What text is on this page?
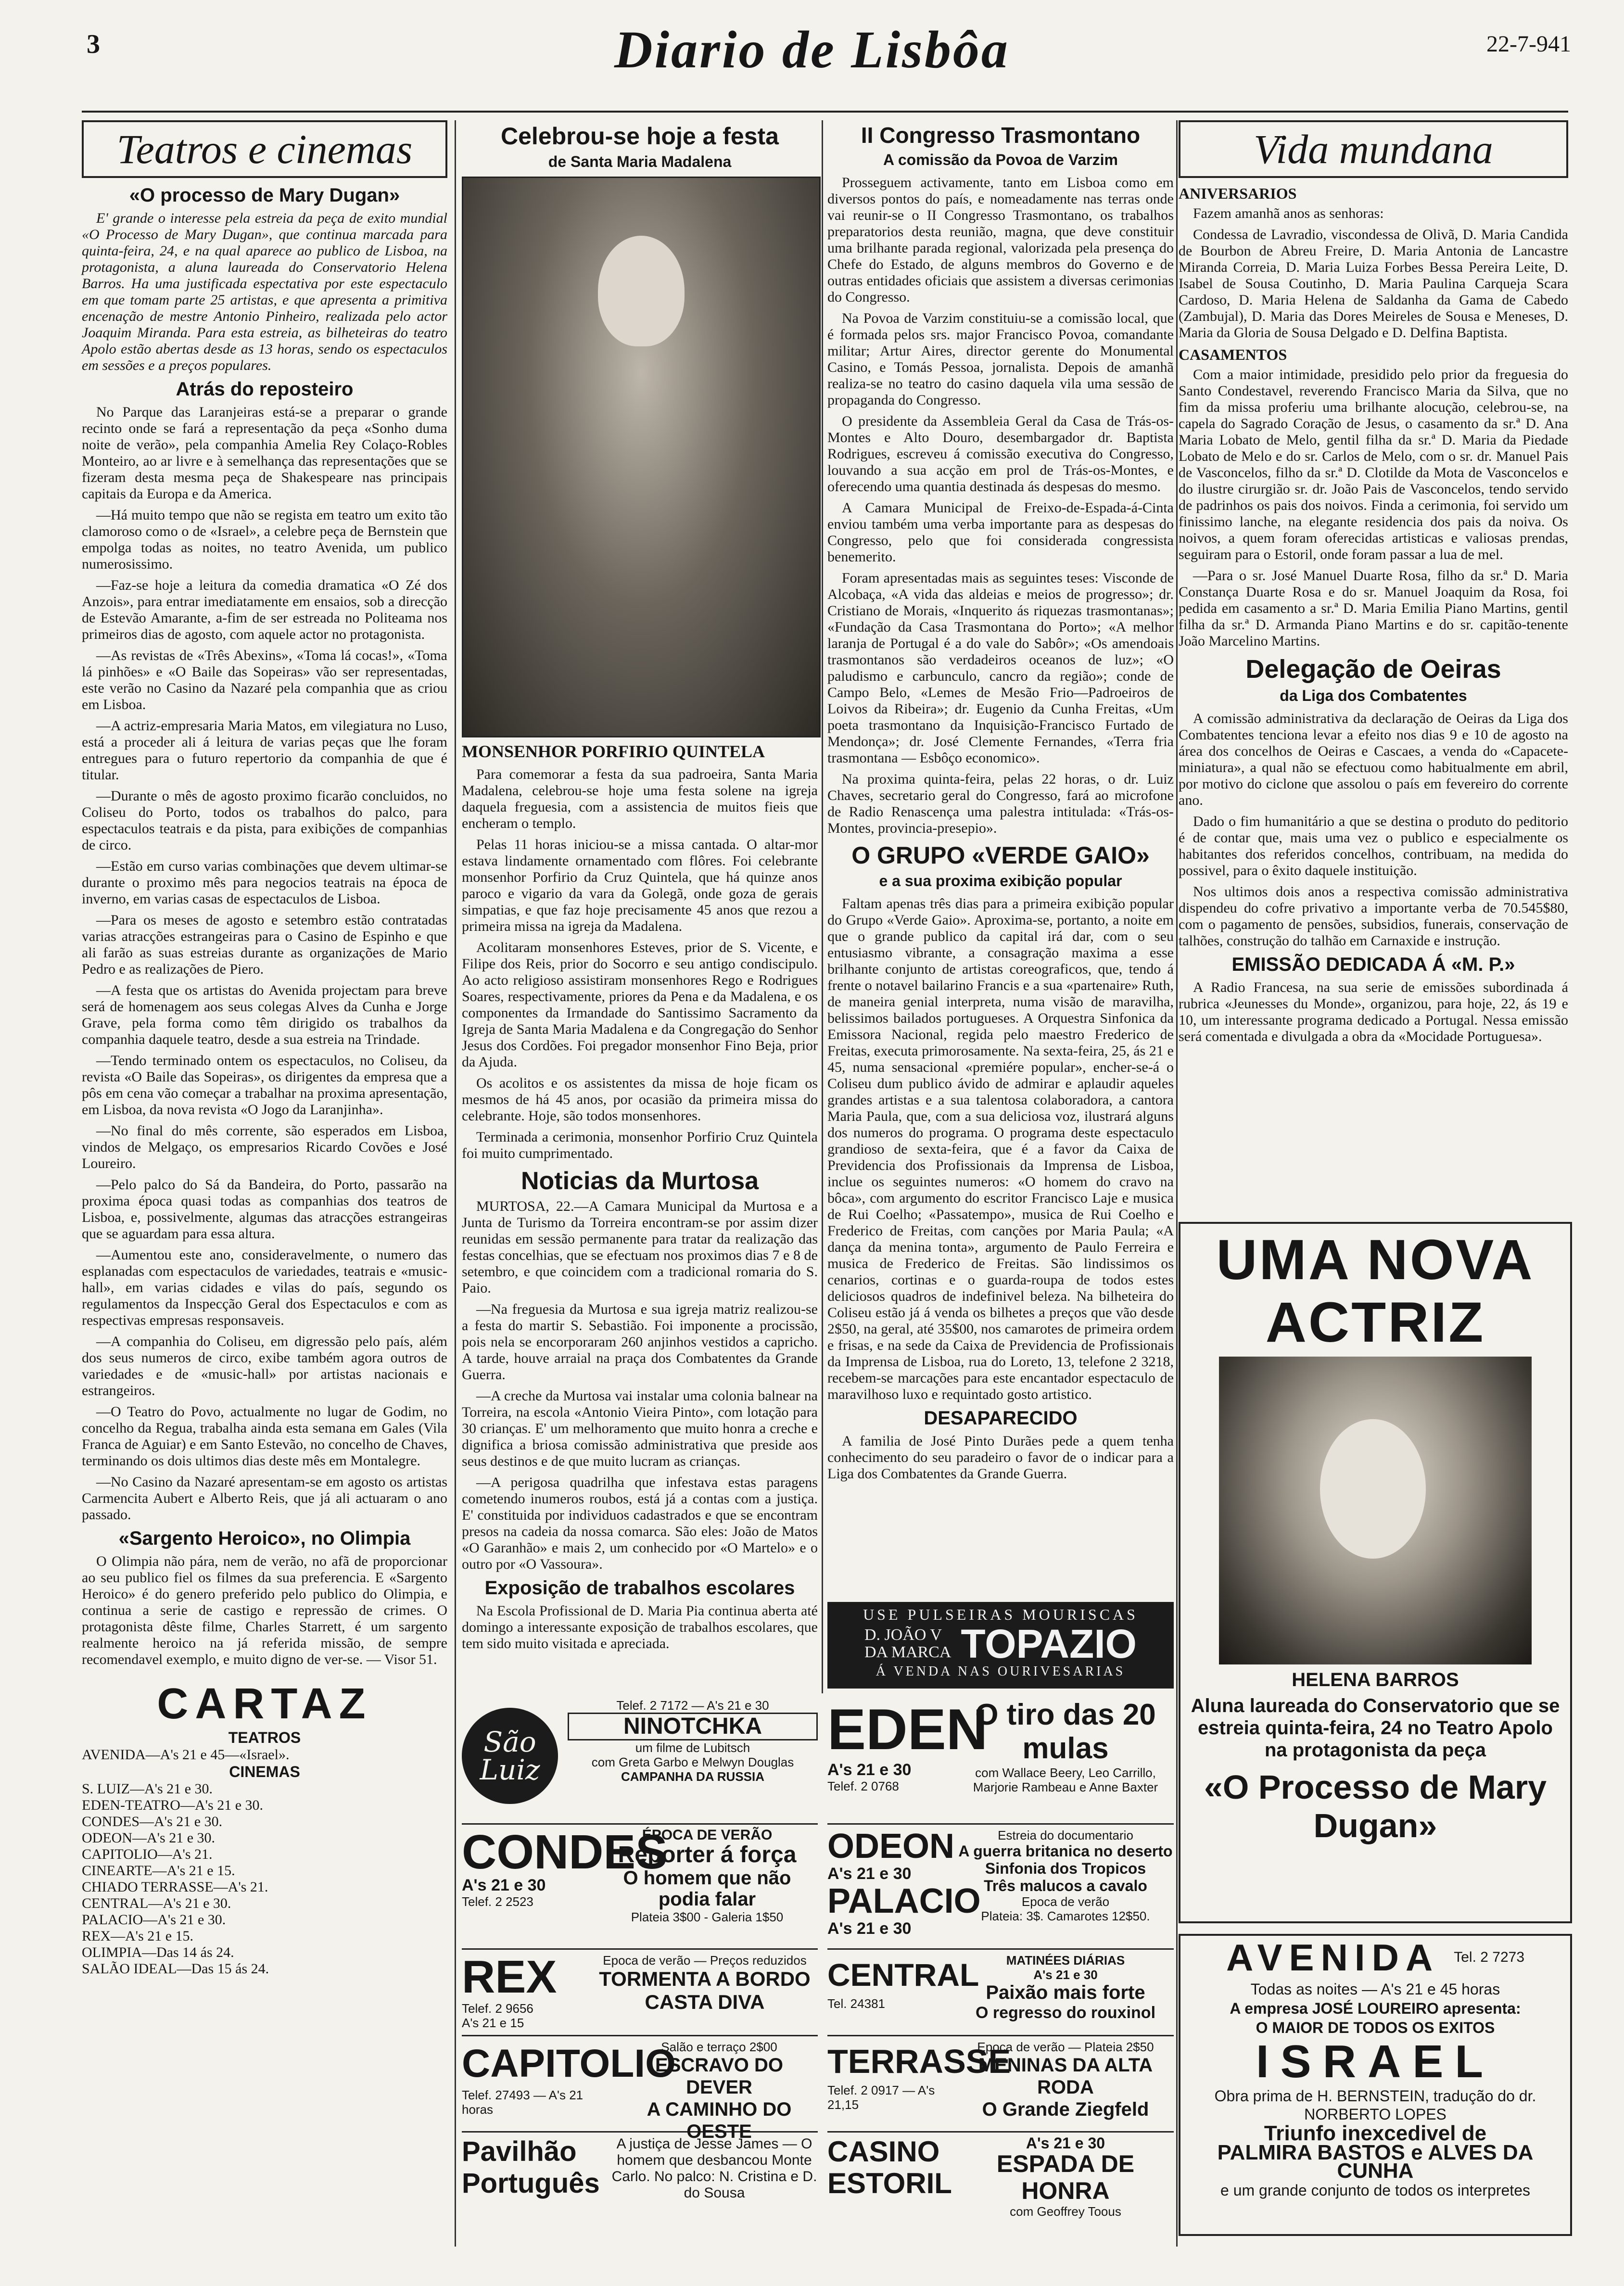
3	Diario de Lisbôa	22-7-941
Teatros e cinemas
«O processo de Mary Dugan»

E' grande o interesse pela estreia da peça de exito mundial «O Processo de Mary Dugan», que continua marcada para quinta-feira, 24, e na qual aparece ao publico de Lisboa, na protagonista, a aluna laureada do Conservatorio Helena Barros. Ha uma justificada espectativa por este espectaculo em que tomam parte 25 artistas, e que apresenta a primitiva encenação de mestre Antonio Pinheiro, realizada pelo actor Joaquim Miranda. Para esta estreia, as bilheteiras do teatro Apolo estão abertas desde as 13 horas, sendo os espectaculos em sessões e a preços populares.

Atrás do reposteiro

No Parque das Laranjeiras está-se a preparar o grande recinto onde se fará a representação da peça «Sonho duma noite de verão», pela companhia Amelia Rey Colaço-Robles Monteiro, ao ar livre e à semelhança das representações que se fizeram desta mesma peça de Shakespeare nas principais capitais da Europa e da America.

—Há muito tempo que não se regista em teatro um exito tão clamoroso como o de «Israel», a celebre peça de Bernstein que empolga todas as noites, no teatro Avenida, um publico numerosissimo.

—Faz-se hoje a leitura da comedia dramatica «O Zé dos Anzois», para entrar imediatamente em ensaios, sob a direcção de Estevão Amarante, a-fim de ser estreada no Politeama nos primeiros dias de agosto, com aquele actor no protagonista.

—As revistas de «Três Abexins», «Toma lá cocas!», «Toma lá pinhões» e «O Baile das Sopeiras» vão ser representadas, este verão no Casino da Nazaré pela companhia que as criou em Lisboa.

—A actriz-empresaria Maria Matos, em vilegiatura no Luso, está a proceder ali á leitura de varias peças que lhe foram entregues para o futuro repertorio da companhia de que é titular.

—Durante o mês de agosto proximo ficarão concluidos, no Coliseu do Porto, todos os trabalhos do palco, para espectaculos teatrais e da pista, para exibições de companhias de circo.

—Estão em curso varias combinações que devem ultimar-se durante o proximo mês para negocios teatrais na época de inverno, em varias casas de espectaculos de Lisboa.

—Para os meses de agosto e setembro estão contratadas varias atracções estrangeiras para o Casino de Espinho e que ali farão as suas estreias durante as organizações de Mario Pedro e as realizações de Piero.

—A festa que os artistas do Avenida projectam para breve será de homenagem aos seus colegas Alves da Cunha e Jorge Grave, pela forma como têm dirigido os trabalhos da companhia daquele teatro, desde a sua estreia na Trindade.

—Tendo terminado ontem os espectaculos, no Coliseu, da revista «O Baile das Sopeiras», os dirigentes da empresa que a pôs em cena vão começar a trabalhar na proxima apresentação, em Lisboa, da nova revista «O Jogo da Laranjinha».

—No final do mês corrente, são esperados em Lisboa, vindos de Melgaço, os empresarios Ricardo Covões e José Loureiro.

—Pelo palco do Sá da Bandeira, do Porto, passarão na proxima época quasi todas as companhias dos teatros de Lisboa, e, possivelmente, algumas das atracções estrangeiras que se aguardam para essa altura.

—Aumentou este ano, consideravelmente, o numero das esplanadas com espectaculos de variedades, teatrais e «music-hall», em varias cidades e vilas do país, segundo os regulamentos da Inspecção Geral dos Espectaculos e com as respectivas empresas responsaveis.

—A companhia do Coliseu, em digressão pelo país, além dos seus numeros de circo, exibe também agora outros de variedades e de «music-hall» por artistas nacionais e estrangeiros.

—O Teatro do Povo, actualmente no lugar de Godim, no concelho da Regua, trabalha ainda esta semana em Gales (Vila Franca de Aguiar) e em Santo Estevão, no concelho de Chaves, terminando os dois ultimos dias deste mês em Montalegre.

—No Casino da Nazaré apresentam-se em agosto os artistas Carmencita Aubert e Alberto Reis, que já ali actuaram o ano passado.

«Sargento Heroico», no Olimpia

O Olimpia não pára, nem de verão, no afã de proporcionar ao seu publico fiel os filmes da sua preferencia. E «Sargento Heroico» é do genero preferido pelo publico do Olimpia, e continua a serie de castigo e repressão de crimes. O protagonista dêste filme, Charles Starrett, é um sargento realmente heroico na já referida missão, de sempre recomendavel exemplo, e muito digno de ver-se. — Visor 51.

CARTAZ
TEATROS

AVENIDA—A's 21 e 45—«Israel».

CINEMAS

S. LUIZ—A's 21 e 30.

EDEN-TEATRO—A's 21 e 30.

CONDES—A's 21 e 30.

ODEON—A's 21 e 30.

CAPITOLIO—A's 21.

CINEARTE—A's 21 e 15.

CHIADO TERRASSE—A's 21.

CENTRAL—A's 21 e 30.

PALACIO—A's 21 e 30.

REX—A's 21 e 15.

OLIMPIA—Das 14 ás 24.

SALÃO IDEAL—Das 15 ás 24.

Celebrou-se hoje a festa
de Santa Maria Madalena
MONSENHOR PORFIRIO QUINTELA

Para comemorar a festa da sua padroeira, Santa Maria Madalena, celebrou-se hoje uma festa solene na igreja daquela freguesia, com a assistencia de muitos fieis que encheram o templo.

Pelas 11 horas iniciou-se a missa cantada. O altar-mor estava lindamente ornamentado com flôres. Foi celebrante monsenhor Porfirio da Cruz Quintela, que há quinze anos paroco e vigario da vara da Golegã, onde goza de gerais simpatias, e que faz hoje precisamente 45 anos que rezou a primeira missa na igreja da Madalena.

Acolitaram monsenhores Esteves, prior de S. Vicente, e Filipe dos Reis, prior do Socorro e seu antigo condiscipulo. Ao acto religioso assistiram monsenhores Rego e Rodrigues Soares, respectivamente, priores da Pena e da Madalena, e os componentes da Irmandade do Santissimo Sacramento da Igreja de Santa Maria Madalena e da Congregação do Senhor Jesus dos Cordões. Foi pregador monsenhor Fino Beja, prior da Ajuda.

Os acolitos e os assistentes da missa de hoje ficam os mesmos de há 45 anos, por ocasião da primeira missa do celebrante. Hoje, são todos monsenhores.

Terminada a cerimonia, monsenhor Porfirio Cruz Quintela foi muito cumprimentado.

Noticias da Murtosa

MURTOSA, 22.—A Camara Municipal da Murtosa e a Junta de Turismo da Torreira encontram-se por assim dizer reunidas em sessão permanente para tratar da realização das festas concelhias, que se efectuam nos proximos dias 7 e 8 de setembro, e que coincidem com a tradicional romaria do S. Paio.

—Na freguesia da Murtosa e sua igreja matriz realizou-se a festa do martir S. Sebastião. Foi imponente a procissão, pois nela se encorporaram 260 anjinhos vestidos a capricho. A tarde, houve arraial na praça dos Combatentes da Grande Guerra.

—A creche da Murtosa vai instalar uma colonia balnear na Torreira, na escola «Antonio Vieira Pinto», com lotação para 30 crianças. E' um melhoramento que muito honra a creche e dignifica a briosa comissão administrativa que preside aos seus destinos e de que muito lucram as crianças.

—A perigosa quadrilha que infestava estas paragens cometendo inumeros roubos, está já a contas com a justiça. E' constituida por individuos cadastrados e que se encontram presos na cadeia da nossa comarca. São eles: João de Matos «O Garanhão» e mais 2, um conhecido por «O Martelo» e o outro por «O Vassoura».

Exposição de trabalhos escolares

Na Escola Profissional de D. Maria Pia continua aberta até domingo a interessante exposição de trabalhos escolares, que tem sido muito visitada e apreciada.

II Congresso Trasmontano
A comissão da Povoa de Varzim

Prosseguem activamente, tanto em Lisboa como em diversos pontos do país, e nomeadamente nas terras onde vai reunir-se o II Congresso Trasmontano, os trabalhos preparatorios desta reunião, magna, que deve constituir uma brilhante parada regional, valorizada pela presença do Chefe do Estado, de alguns membros do Governo e de outras entidades oficiais que assistem a diversas cerimonias do Congresso.

Na Povoa de Varzim constituiu-se a comissão local, que é formada pelos srs. major Francisco Povoa, comandante militar; Artur Aires, director gerente do Monumental Casino, e Tomás Pessoa, jornalista. Depois de amanhã realiza-se no teatro do casino daquela vila uma sessão de propaganda do Congresso.

O presidente da Assembleia Geral da Casa de Trás-os-Montes e Alto Douro, desembargador dr. Baptista Rodrigues, escreveu á comissão executiva do Congresso, louvando a sua acção em prol de Trás-os-Montes, e oferecendo uma quantia destinada ás despesas do mesmo.

A Camara Municipal de Freixo-de-Espada-á-Cinta enviou também uma verba importante para as despesas do Congresso, pelo que foi considerada congressista benemerito.

Foram apresentadas mais as seguintes teses: Visconde de Alcobaça, «A vida das aldeias e meios de progresso»; dr. Cristiano de Morais, «Inquerito ás riquezas trasmontanas»; «Fundação da Casa Trasmontana do Porto»; «A melhor laranja de Portugal é a do vale do Sabôr»; «Os amendoais trasmontanos são verdadeiros oceanos de luz»; «O paludismo e carbunculo, cancro da região»; conde de Campo Belo, «Lemes de Mesão Frio—Padroeiros de Loivos da Ribeira»; dr. Eugenio da Cunha Freitas, «Um poeta trasmontano da Inquisição-Francisco Furtado de Mendonça»; dr. José Clemente Fernandes, «Terra fria trasmontana — Esbôço economico».

Na proxima quinta-feira, pelas 22 horas, o dr. Luiz Chaves, secretario geral do Congresso, fará ao microfone de Radio Renascença uma palestra intitulada: «Trás-os-Montes, provincia-presepio».

O GRUPO «VERDE GAIO»
e a sua proxima exibição popular

Faltam apenas três dias para a primeira exibição popular do Grupo «Verde Gaio». Aproxima-se, portanto, a noite em que o grande publico da capital irá dar, com o seu entusiasmo vibrante, a consagração maxima a esse brilhante conjunto de artistas coreograficos, que, tendo á frente o notavel bailarino Francis e a sua «partenaire» Ruth, de maneira genial interpreta, numa visão de maravilha, belissimos bailados portugueses. A Orquestra Sinfonica da Emissora Nacional, regida pelo maestro Frederico de Freitas, executa primorosamente. Na sexta-feira, 25, ás 21 e 45, numa sensacional «premiére popular», encher-se-á o Coliseu dum publico ávido de admirar e aplaudir aqueles grandes artistas e a sua talentosa colaboradora, a cantora Maria Paula, que, com a sua deliciosa voz, ilustrará alguns dos numeros do programa. O programa deste espectaculo grandioso de sexta-feira, que é a favor da Caixa de Previdencia dos Profissionais da Imprensa de Lisboa, inclue os seguintes numeros: «O homem do cravo na bôca», com argumento do escritor Francisco Laje e musica de Rui Coelho; «Passatempo», musica de Rui Coelho e Frederico de Freitas, com canções por Maria Paula; «A dança da menina tonta», argumento de Paulo Ferreira e musica de Frederico de Freitas. São lindissimos os cenarios, cortinas e o guarda-roupa de todos estes deliciosos quadros de indefinivel beleza. Na bilheteira do Coliseu estão já á venda os bilhetes a preços que vão desde 2$50, na geral, até 35$00, nos camarotes de primeira ordem e frisas, e na sede da Caixa de Previdencia de Profissionais da Imprensa de Lisboa, rua do Loreto, 13, telefone 2 3218, recebem-se marcações para este encantador espectaculo de maravilhoso luxo e requintado gosto artistico.

DESAPARECIDO

A familia de José Pinto Durães pede a quem tenha conhecimento do seu paradeiro o favor de o indicar para a Liga dos Combatentes da Grande Guerra.

USE PULSEIRAS MOURISCAS
D. JOÃO V
DA MARCA TOPAZIO
Á VENDA NAS OURIVESARIAS
Vida mundana
ANIVERSARIOS

Fazem amanhã anos as senhoras:

Condessa de Lavradio, viscondessa de Olivã, D. Maria Candida de Bourbon de Abreu Freire, D. Maria Antonia de Lancastre Miranda Correia, D. Maria Luiza Forbes Bessa Pereira Leite, D. Isabel de Sousa Coutinho, D. Maria Paulina Carqueja Scara Cardoso, D. Maria Helena de Saldanha da Gama de Cabedo (Zambujal), D. Maria das Dores Meireles de Sousa e Meneses, D. Maria da Gloria de Sousa Delgado e D. Delfina Baptista.

CASAMENTOS

Com a maior intimidade, presidido pelo prior da freguesia do Santo Condestavel, reverendo Francisco Maria da Silva, que no fim da missa proferiu uma brilhante alocução, celebrou-se, na capela do Sagrado Coração de Jesus, o casamento da sr.ª D. Ana Maria Lobato de Melo, gentil filha da sr.ª D. Maria da Piedade Lobato de Melo e do sr. Carlos de Melo, com o sr. dr. Manuel Pais de Vasconcelos, filho da sr.ª D. Clotilde da Mota de Vasconcelos e do ilustre cirurgião sr. dr. João Pais de Vasconcelos, tendo servido de padrinhos os pais dos noivos. Finda a cerimonia, foi servido um finissimo lanche, na elegante residencia dos pais da noiva. Os noivos, a quem foram oferecidas artisticas e valiosas prendas, seguiram para o Estoril, onde foram passar a lua de mel.

—Para o sr. José Manuel Duarte Rosa, filho da sr.ª D. Maria Constança Duarte Rosa e do sr. Manuel Joaquim da Rosa, foi pedida em casamento a sr.ª D. Maria Emilia Piano Martins, gentil filha da sr.ª D. Armanda Piano Martins e do sr. capitão-tenente João Marcelino Martins.

Delegação de Oeiras
da Liga dos Combatentes

A comissão administrativa da declaração de Oeiras da Liga dos Combatentes tenciona levar a efeito nos dias 9 e 10 de agosto na área dos concelhos de Oeiras e Cascaes, a venda do «Capacete-miniatura», a qual não se efectuou como habitualmente em abril, por motivo do ciclone que assolou o país em fevereiro do corrente ano.

Dado o fim humanitário a que se destina o produto do peditorio é de contar que, mais uma vez o publico e especialmente os habitantes dos referidos concelhos, contribuam, na medida do possivel, para o êxito daquele instituição.

Nos ultimos dois anos a respectiva comissão administrativa dispendeu do cofre privativo a importante verba de 70.545$80, com o pagamento de pensões, subsidios, funerais, conservação de talhões, construção do talhão em Carnaxide e instrução.

EMISSÃO DEDICADA Á «M. P.»

A Radio Francesa, na sua serie de emissões subordinada á rubrica «Jeunesses du Monde», organizou, para hoje, 22, ás 19 e 10, um interessante programa dedicado a Portugal. Nessa emissão será comentada e divulgada a obra da «Mocidade Portuguesa».

UMA NOVA ACTRIZ
HELENA BARROS
Aluna laureada do Conservatorio que se estreia quinta-feira, 24 no Teatro Apolo na protagonista da peça
«O Processo de Mary Dugan»
AVENIDA Tel. 2 7273
Todas as noites — A's 21 e 45 horas
A empresa JOSÉ LOUREIRO apresenta:
O MAIOR DE TODOS OS EXITOS
ISRAEL
Obra prima de H. BERNSTEIN, tradução do dr. NORBERTO LOPES
Triunfo inexcedivel de
PALMIRA BASTOS e ALVES DA CUNHA
e um grande conjunto de todos os interpretes
São Luiz
Telef. 2 7172 — A's 21 e 30
NINOTCHKA
um filme de Lubitsch
com Greta Garbo e Melwyn Douglas
CAMPANHA DA RUSSIA
EDEN
A's 21 e 30
Telef. 2 0768
O tiro das 20 mulas
com Wallace Beery, Leo Carrillo, Marjorie Rambeau e Anne Baxter
CONDES
A's 21 e 30
Telef. 2 2523
ÉPOCA DE VERÃO
Reporter á força
O homem que não podia falar
Plateia 3$00 - Galeria 1$50
ODEON
A's 21 e 30
PALACIO
A's 21 e 30
Estreia do documentario
A guerra britanica no deserto
Sinfonia dos Tropicos
Três malucos a cavalo
Epoca de verão
Plateia: 3$. Camarotes 12$50.
REX
Telef. 2 9656
A's 21 e 15
Epoca de verão — Preços reduzidos
TORMENTA A BORDO
CASTA DIVA
CENTRAL
Tel. 24381
MATINÉES DIÁRIAS
A's 21 e 30
Paixão mais forte
O regresso do rouxinol
CAPITOLIO
Telef. 27493 — A's 21 horas
Salão e terraço 2$00
ESCRAVO DO DEVER
A CAMINHO DO OESTE
TERRASSE
Telef. 2 0917 — A's 21,15
Epoca de verão — Plateia 2$50
MENINAS DA ALTA RODA
O Grande Ziegfeld
Pavilhão Português
A justiça de Jesse James — O homem que desbancou Monte Carlo. No palco: N. Cristina e D. do Sousa
CASINO ESTORIL
A's 21 e 30
ESPADA DE HONRA
com Geoffrey Toous
